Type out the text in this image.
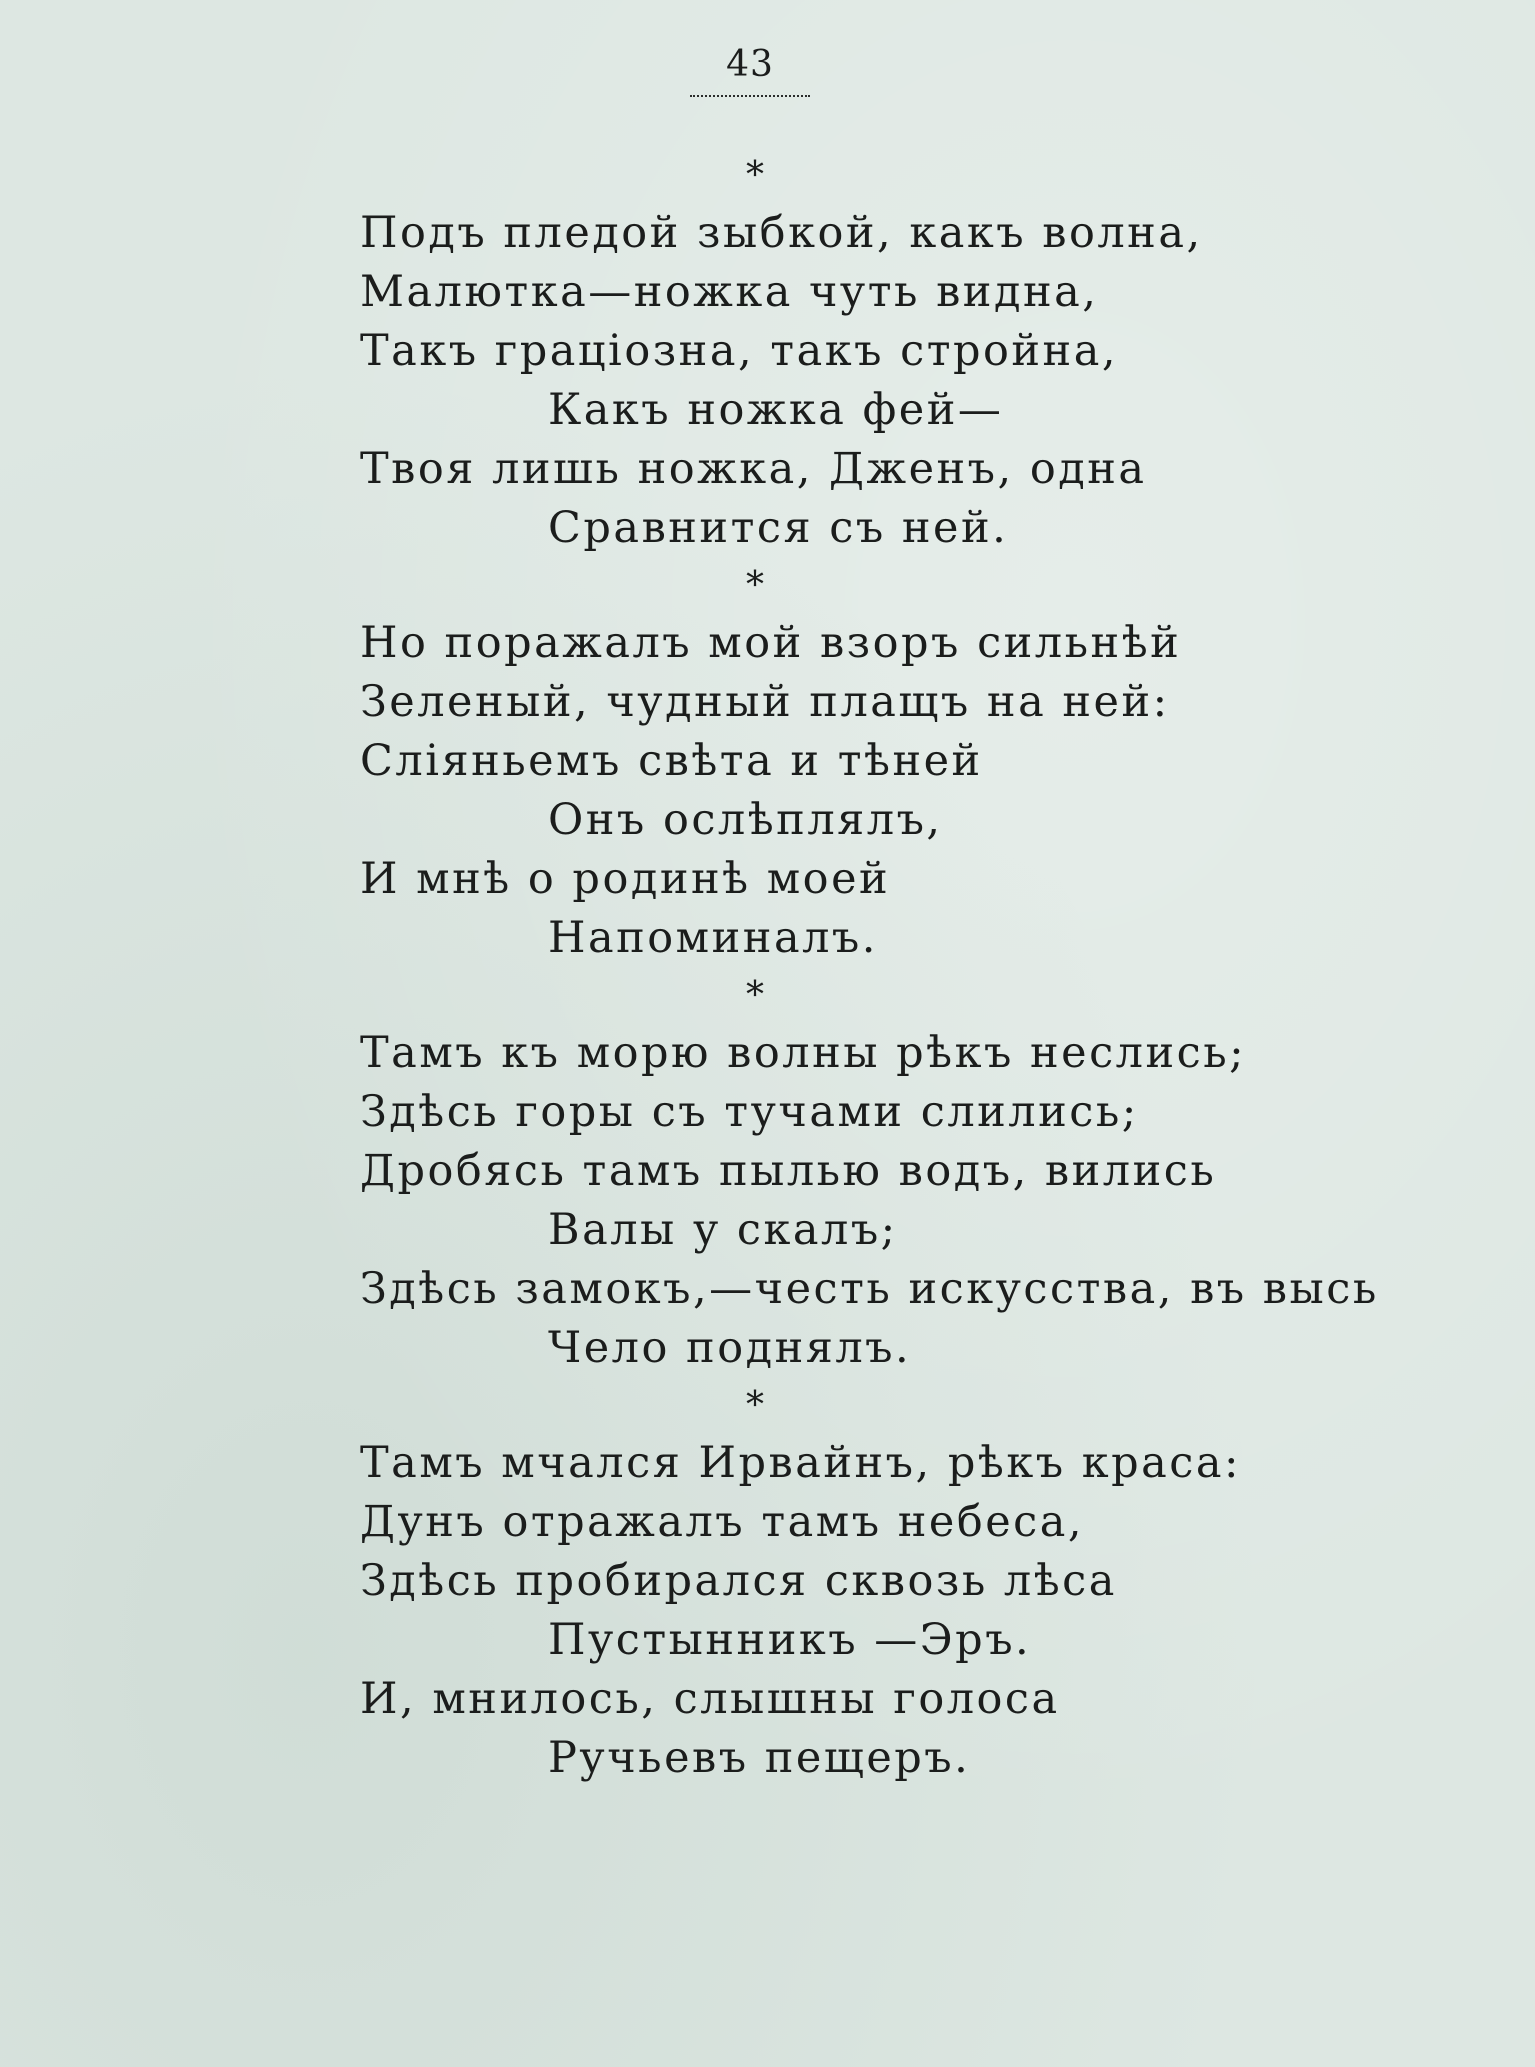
43
*
Подъ пледой зыбкой, какъ волна,
Малютка—ножка чуть видна,
Такъ граціозна, такъ стройна,
Какъ ножка фей—
Твоя лишь ножка, Дженъ, одна
Сравнится съ ней.
*
Но поражалъ мой взоръ сильнѣй
Зеленый, чудный плащъ на ней:
Сліяньемъ свѣта и тѣней
Онъ ослѣплялъ,
И мнѣ о родинѣ моей
Напоминалъ.
*
Тамъ къ морю волны рѣкъ неслись;
Здѣсь горы съ тучами слились;
Дробясь тамъ пылью водъ, вились
Валы у скалъ;
Здѣсь замокъ,—честь искусства, въ высь
Чело поднялъ.
*
Тамъ мчался Ирвайнъ, рѣкъ краса:
Дунъ отражалъ тамъ небеса,
Здѣсь пробирался сквозь лѣса
Пустынникъ —Эръ.
И, мнилось, слышны голоса
Ручьевъ пещеръ.
